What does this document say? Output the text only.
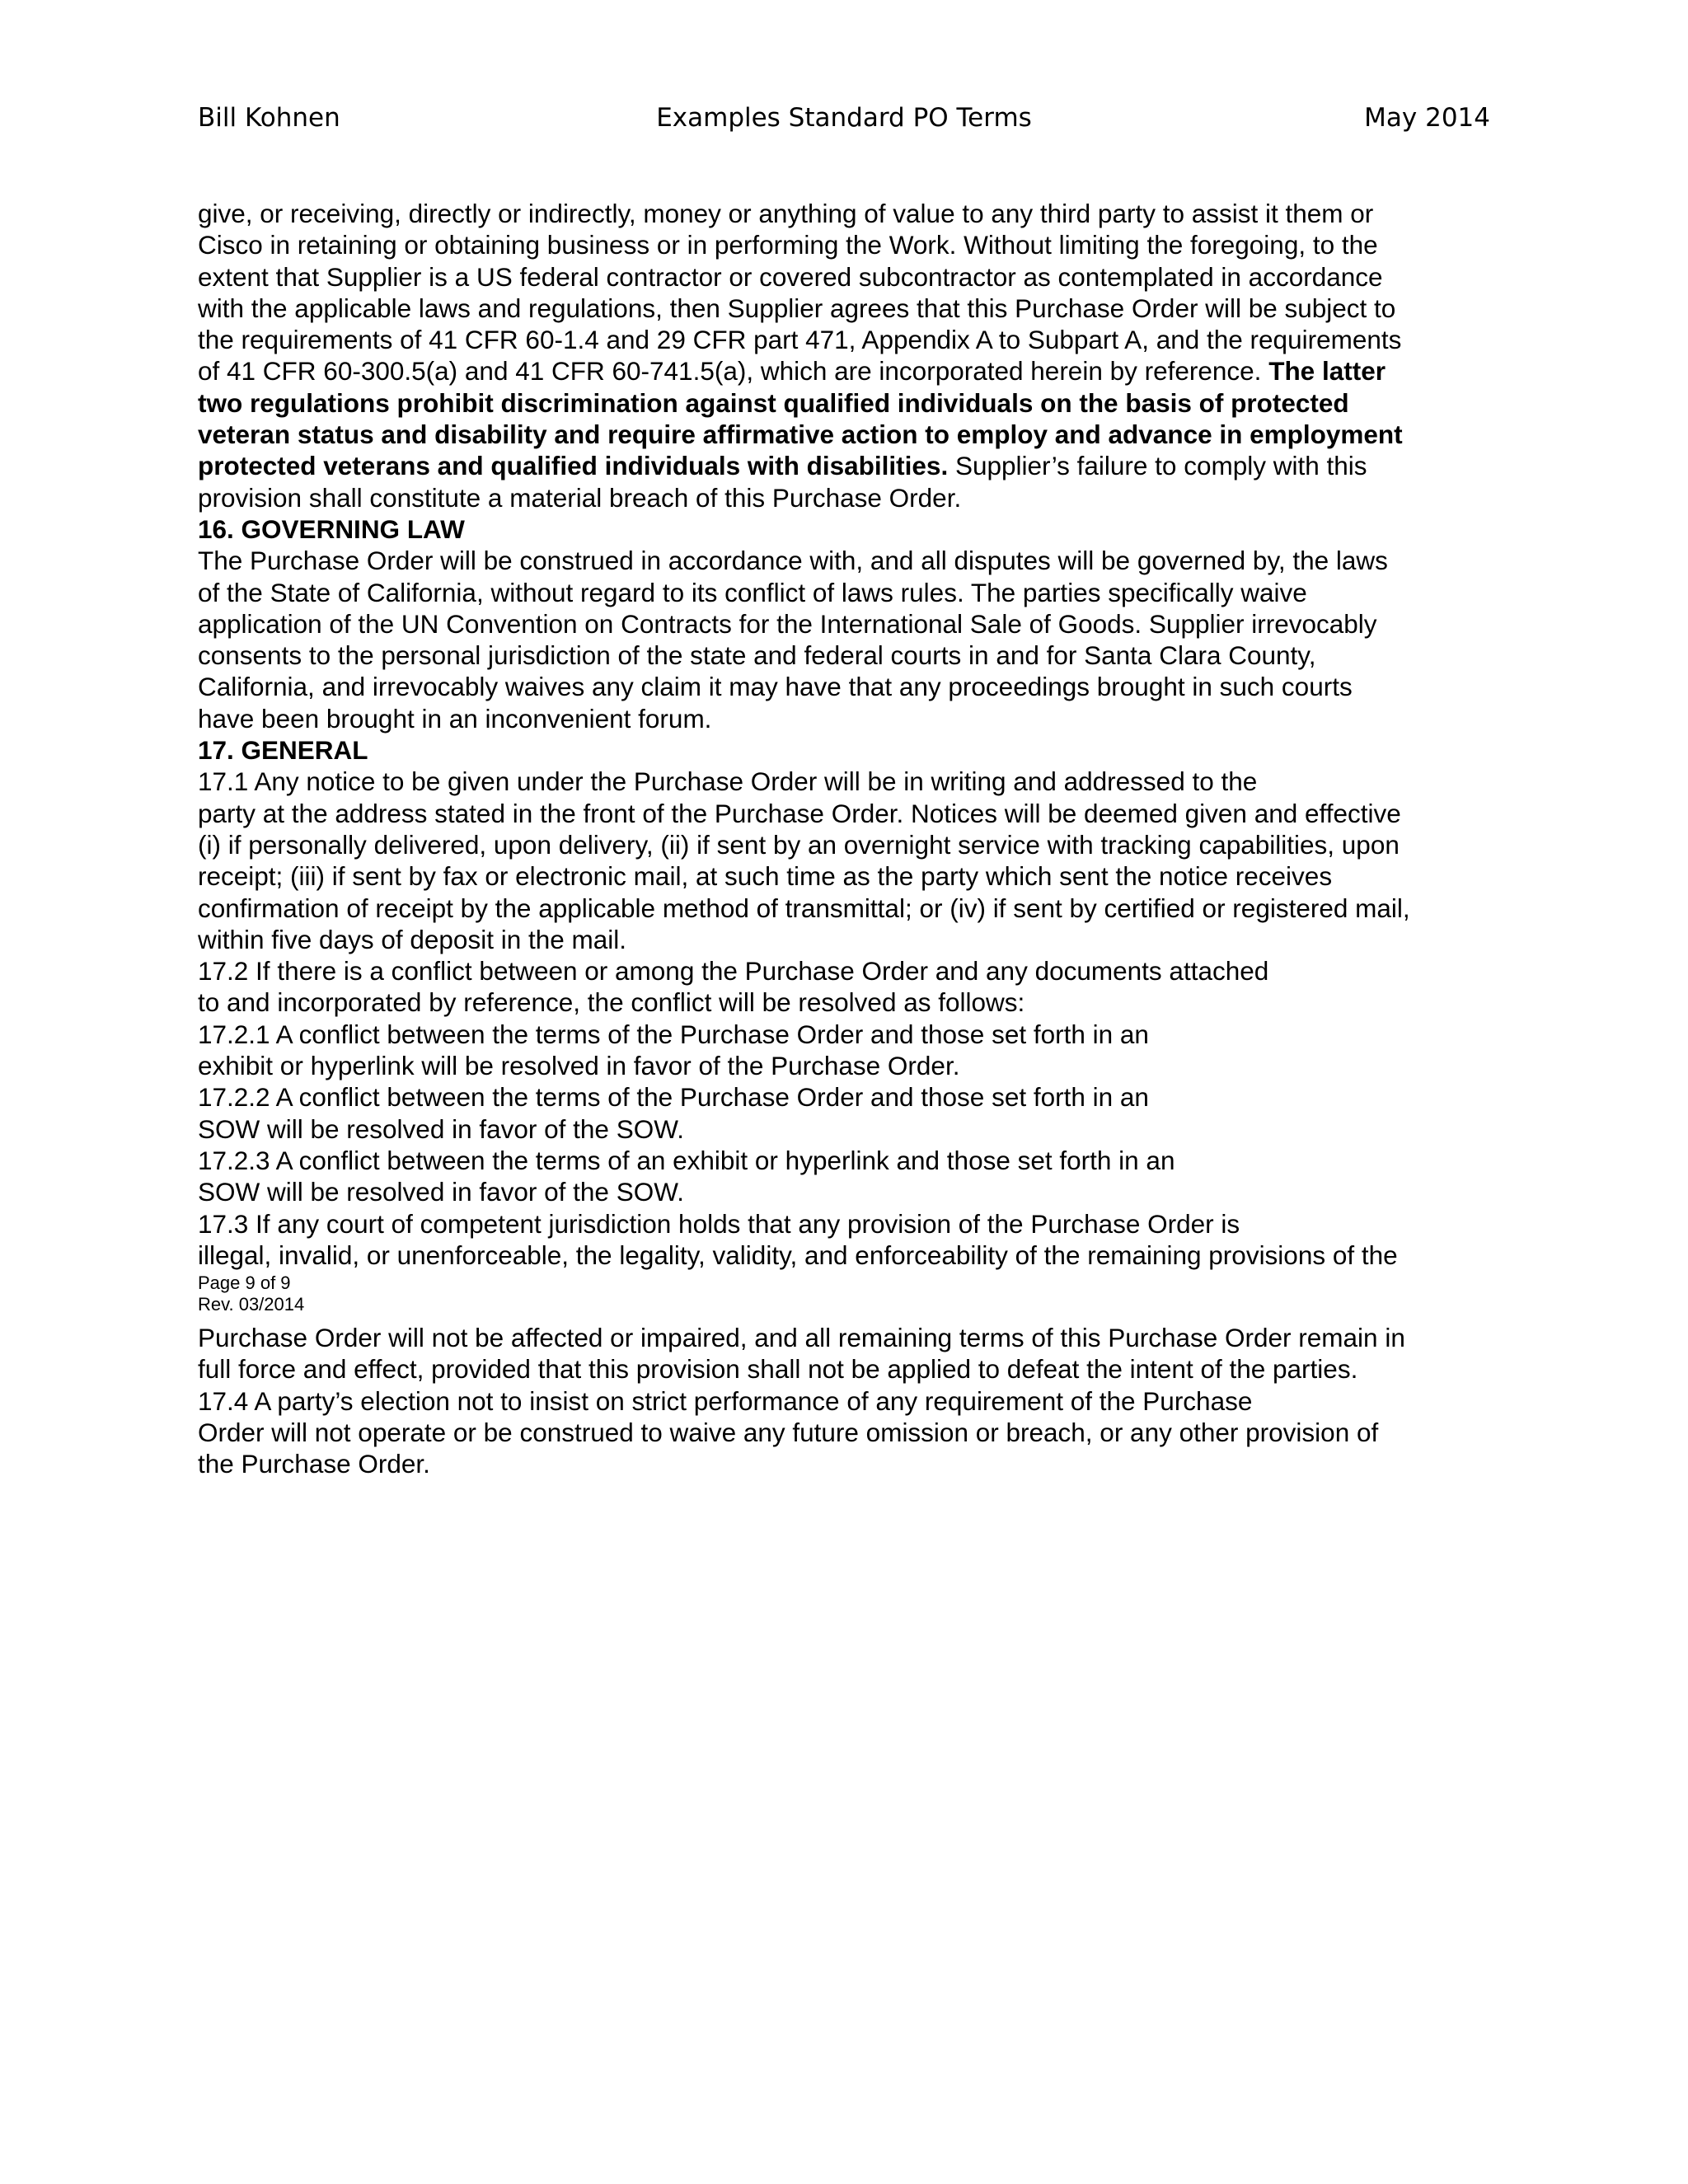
Examples Standard PO Terms
Bill Kohnen	May 2014
give, or receiving, directly or indirectly, money or anything of value to any third party to assist it them or
Cisco in retaining or obtaining business or in performing the Work. Without limiting the foregoing, to the
extent that Supplier is a US federal contractor or covered subcontractor as contemplated in accordance
with the applicable laws and regulations, then Supplier agrees that this Purchase Order will be subject to
the requirements of 41 CFR 60-1.4 and 29 CFR part 471, Appendix A to Subpart A, and the requirements
of 41 CFR 60-300.5(a) and 41 CFR 60-741.5(a), which are incorporated herein by reference. The latter
two regulations prohibit discrimination against qualified individuals on the basis of protected
veteran status and disability and require affirmative action to employ and advance in employment
protected veterans and qualified individuals with disabilities. Supplier’s failure to comply with this
provision shall constitute a material breach of this Purchase Order.
16. GOVERNING LAW
The Purchase Order will be construed in accordance with, and all disputes will be governed by, the laws
of the State of California, without regard to its conflict of laws rules. The parties specifically waive
application of the UN Convention on Contracts for the International Sale of Goods. Supplier irrevocably
consents to the personal jurisdiction of the state and federal courts in and for Santa Clara County,
California, and irrevocably waives any claim it may have that any proceedings brought in such courts
have been brought in an inconvenient forum.
17. GENERAL
17.1 Any notice to be given under the Purchase Order will be in writing and addressed to the
party at the address stated in the front of the Purchase Order. Notices will be deemed given and effective
(i) if personally delivered, upon delivery, (ii) if sent by an overnight service with tracking capabilities, upon
receipt; (iii) if sent by fax or electronic mail, at such time as the party which sent the notice receives
confirmation of receipt by the applicable method of transmittal; or (iv) if sent by certified or registered mail,
within five days of deposit in the mail.
17.2 If there is a conflict between or among the Purchase Order and any documents attached
to and incorporated by reference, the conflict will be resolved as follows:
17.2.1 A conflict between the terms of the Purchase Order and those set forth in an
exhibit or hyperlink will be resolved in favor of the Purchase Order.
17.2.2 A conflict between the terms of the Purchase Order and those set forth in an
SOW will be resolved in favor of the SOW.
17.2.3 A conflict between the terms of an exhibit or hyperlink and those set forth in an
SOW will be resolved in favor of the SOW.
17.3 If any court of competent jurisdiction holds that any provision of the Purchase Order is
illegal, invalid, or unenforceable, the legality, validity, and enforceability of the remaining provisions of the
Page 9 of 9
Rev. 03/2014
Purchase Order will not be affected or impaired, and all remaining terms of this Purchase Order remain in
full force and effect, provided that this provision shall not be applied to defeat the intent of the parties.
17.4 A party’s election not to insist on strict performance of any requirement of the Purchase
Order will not operate or be construed to waive any future omission or breach, or any other provision of
the Purchase Order.
